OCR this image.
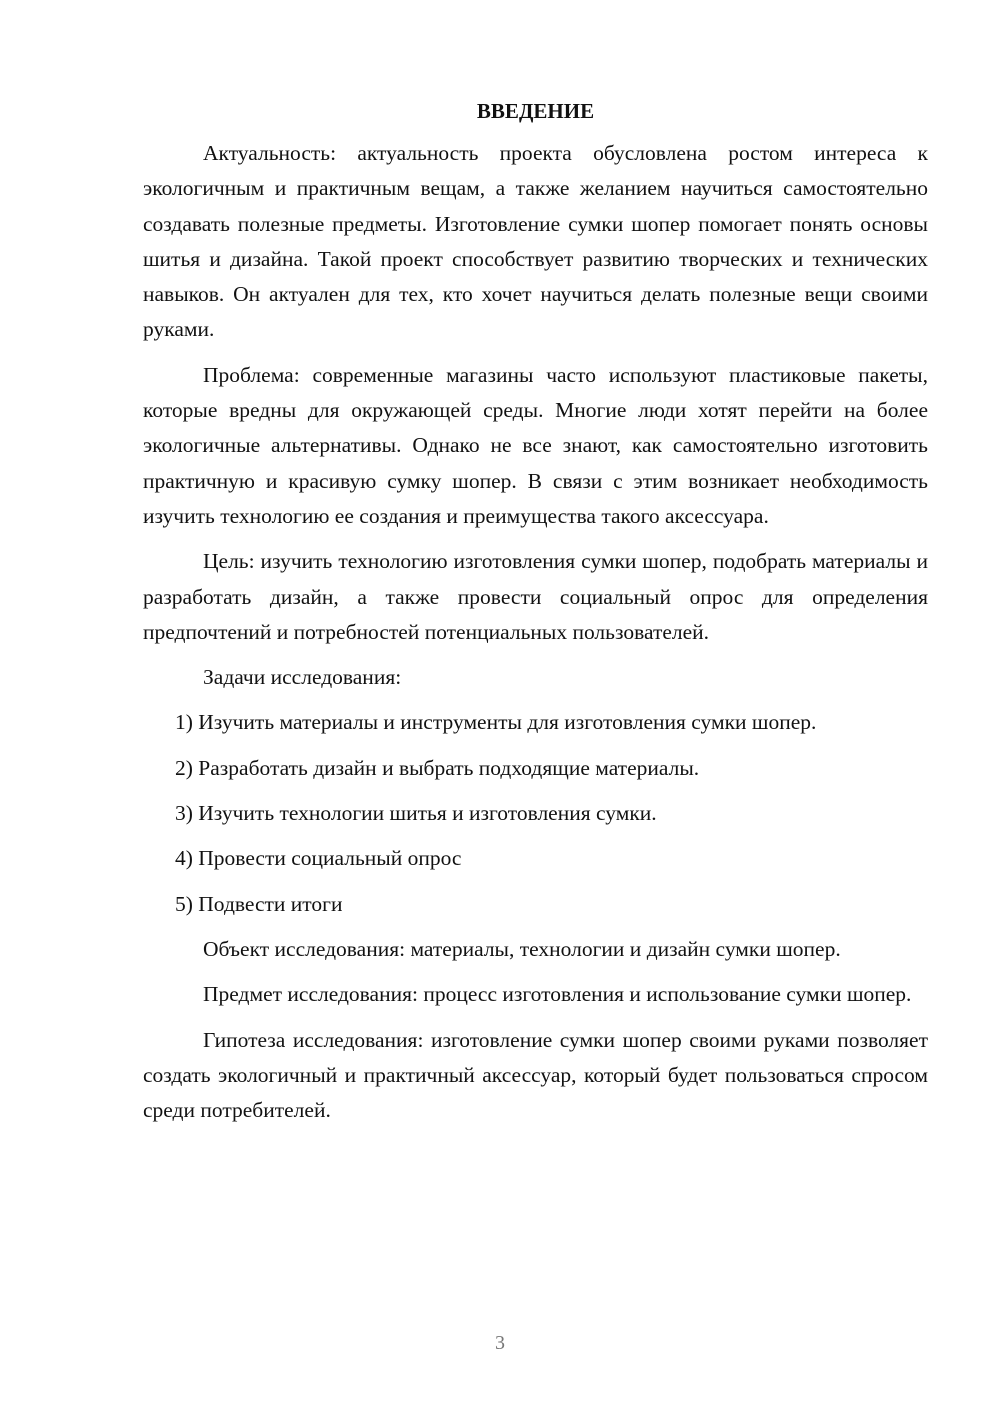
ВВЕДЕНИЕ

Актуальность: актуальность проекта обусловлена ростом интереса к экологичным и практичным вещам, а также желанием научиться самостоятельно создавать полезные предметы. Изготовление сумки шопер помогает понять основы шитья и дизайна. Такой проект способствует развитию творческих и технических навыков. Он актуален для тех, кто хочет научиться делать полезные вещи своими руками.

Проблема: современные магазины часто используют пластиковые пакеты, которые вредны для окружающей среды. Многие люди хотят перейти на более экологичные альтернативы. Однако не все знают, как самостоятельно изготовить практичную и красивую сумку шопер. В связи с этим возникает необходимость изучить технологию ее создания и преимущества такого аксессуара.

Цель: изучить технологию изготовления сумки шопер, подобрать материалы и разработать дизайн, а также провести социальный опрос для определения предпочтений и потребностей потенциальных пользователей.

Задачи исследования:

1) Изучить материалы и инструменты для изготовления сумки шопер.
2) Разработать дизайн и выбрать подходящие материалы.
3) Изучить технологии шитья и изготовления сумки.
4) Провести социальный опрос
5) Подвести итоги

Объект исследования: материалы, технологии и дизайн сумки шопер.

Предмет исследования: процесс изготовления и использование сумки шопер.

Гипотеза исследования: изготовление сумки шопер своими руками позволяет создать экологичный и практичный аксессуар, который будет пользоваться спросом среди потребителей.

3
